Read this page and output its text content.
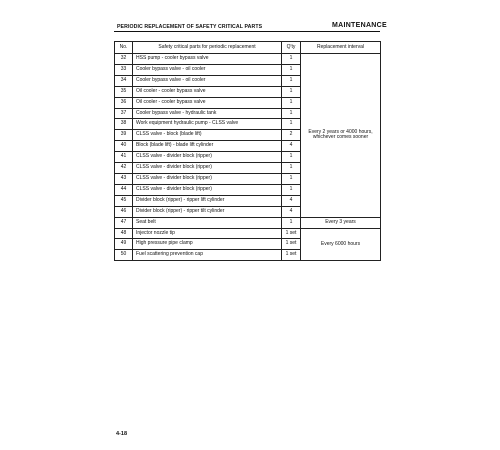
PERIODIC REPLACEMENT OF SAFETY CRITICAL PARTS	MAINTENANCE
No.	Safety critical parts for periodic replacement	Q'ty	Replacement interval
32	HSS pump - cooler bypass valve	1	Every 2 years or 4000 hours, whichever comes sooner
33	Cooler bypass valve - oil cooler	1	
34	Cooler bypass valve - oil cooler	1	
35	Oil cooler - cooler bypass valve	1	
36	Oil cooler - cooler bypass valve	1	
37	Cooler bypass valve - hydraulic tank	1	
38	Work equipment hydraulic pump - CLSS valve	1	
39	CLSS valve - block (blade lift)	2	
40	Block (blade lift) - blade lift cylinder	4	
41	CLSS valve - divider block (ripper)	1	
42	CLSS valve - divider block (ripper)	1	
43	CLSS valve - divider block (ripper)	1	
44	CLSS valve - divider block (ripper)	1	
45	Divider block (ripper) - ripper lift cylinder	4	
46	Divider block (ripper) - ripper tilt cylinder	4	
47	Seat belt	1	Every 3 years
48	Injector nozzle tip	1 set	Every 6000 hours
49	High pressure pipe clamp	1 set	
50	Fuel scattering prevention cap	1 set	
4-18
